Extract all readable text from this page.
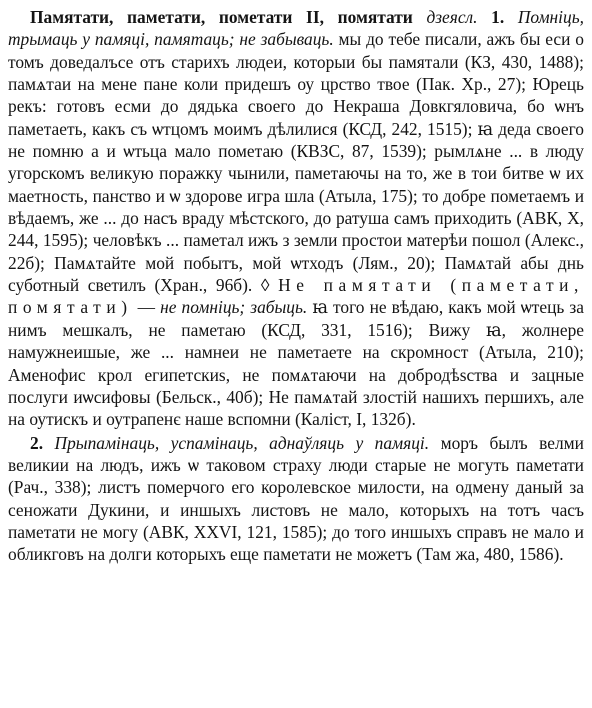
Памятати, паметати, пометати II, помятати дзеясл. 1. Помніць, трымаць у памяці, памятаць; не забываць. мы до тебе писали, ажъ бы еси о томъ доведалъсе отъ старихъ людеи, которыи бы памятали (КЗ, 430, 1488); памѧтаи на мене пане коли придешъ оу црство твое (Пак. Хр., 27); Юрець рекъ: готовъ есми до дядька своего до Некраша Довкгяловича, бо ѡнъ паметаеть, какъ съ ѡтцомъ моимъ дѣлилися (КСД, 242, 1515); ꙗ деда своего не помню а и ѡтьца мало пометаю (КВЗС, 87, 1539); рымлѧне ... в люду угорскомъ великую поражку чынили, паметаючы на то, же в тои битве ѡ их маетность, панство и ѡ здорове игра шла (Атыла, 175); то добре пометаемъ и вѣдаемъ, же ... до насъ враду мѣстского, до ратуша самъ приходить (АВК, X, 244, 1595); человѣкъ ... паметал ижъ з земли простои матерѣи пошол (Алекс., 22б); Памѧтайте мой побытъ, мой ѡтходъ (Лям., 20); Памѧтай абы днь суботный светилъ (Хран., 96б). ◊ Не памятати (паметати, помятати) — не помніць; забыць. ꙗ того не вѣдаю, какъ мой ѡтець за нимъ мешкалъ, не паметаю (КСД, 331, 1516); Вижу ꙗ, жолнере намужнеишые, же ... намнеи не паметаете на скромност (Атыла, 210); Аменофис крол египетскиѕ, не помѧтаючи на добродѣѕства и зацные послуги иѡсифовы (Бельск., 40б); Не памѧтай злостій нашихъ першихъ, але на оутискъ и оутрапенє наше вспомни (Калiст, I, 132б).

2. Прыпамінаць, успамінаць, аднаўляць у памяці. моръ былъ велми великии на людъ, ижъ ѡ таковом страху люди старые не могуть паметати (Рач., 338); листъ померчого его королевское милости, на одмену даный за сеножати Дукини, и иншыхъ листовъ не мало, которыхъ на тотъ часъ паметати не могу (АВК, XXVI, 121, 1585); до того иншыхъ справъ не мало и обликговъ на долги которыхъ еще паметати не можетъ (Там жа, 480, 1586).
